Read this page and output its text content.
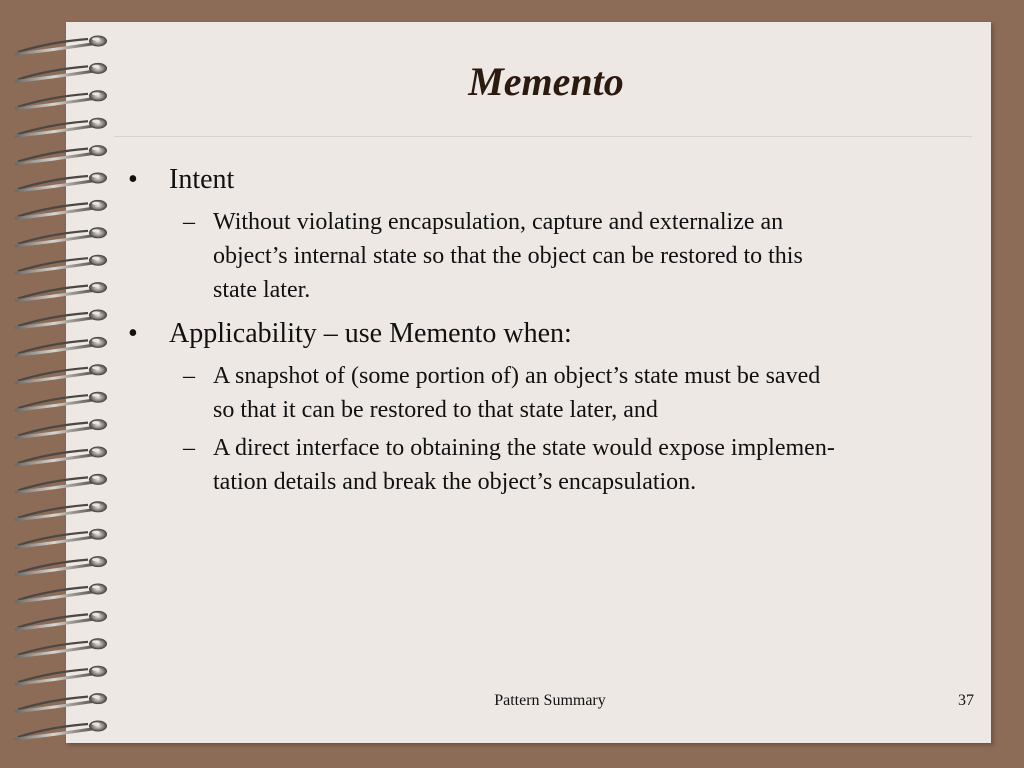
Memento

• Intent

– Without violating encapsulation, capture and externalize an
object’s internal state so that the object can be restored to this
state later.

• Applicability – use Memento when:

– A snapshot of (some portion of) an object’s state must be saved
so that it can be restored to that state later, and

– A direct interface to obtaining the state would expose implemen-
tation details and break the object’s encapsulation.

Pattern Summary	37
